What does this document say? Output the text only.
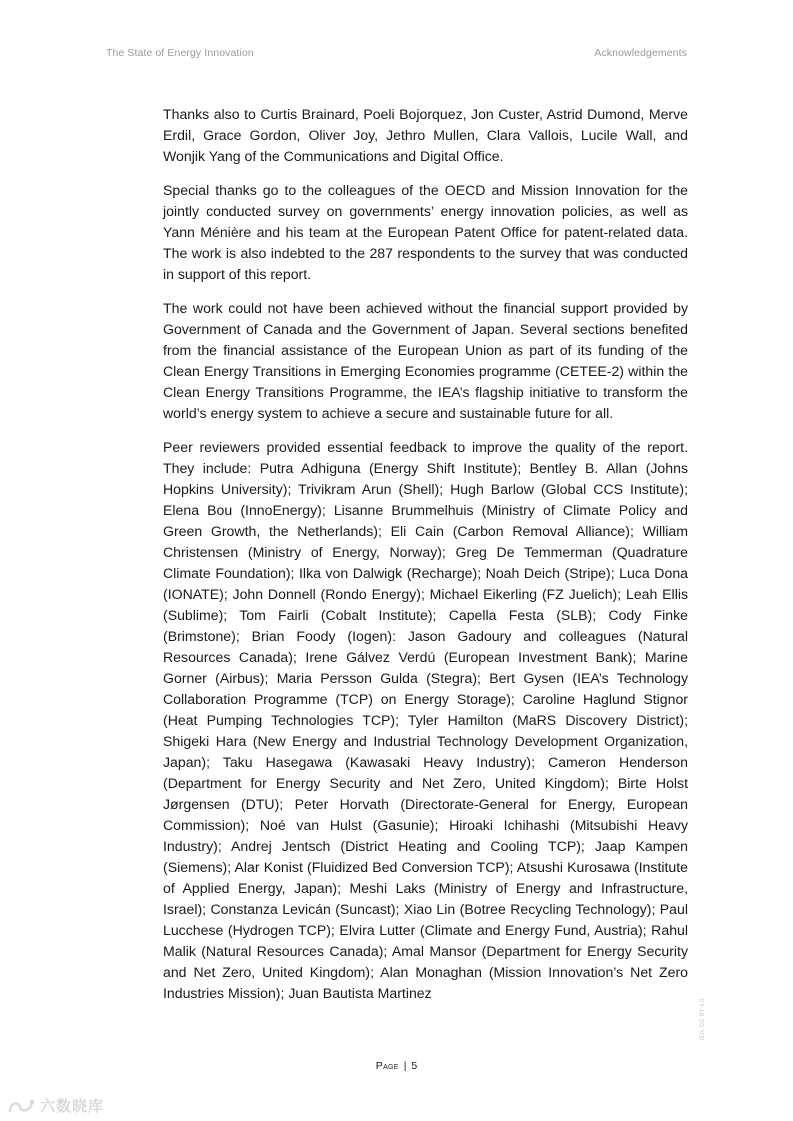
The State of Energy Innovation	Acknowledgements

Thanks also to Curtis Brainard, Poeli Bojorquez, Jon Custer, Astrid Dumond, Merve Erdil, Grace Gordon, Oliver Joy, Jethro Mullen, Clara Vallois, Lucile Wall, and Wonjik Yang of the Communications and Digital Office.

Special thanks go to the colleagues of the OECD and Mission Innovation for the jointly conducted survey on governments’ energy innovation policies, as well as Yann Ménière and his team at the European Patent Office for patent-related data. The work is also indebted to the 287 respondents to the survey that was conducted in support of this report.

The work could not have been achieved without the financial support provided by Government of Canada and the Government of Japan. Several sections benefited from the financial assistance of the European Union as part of its funding of the Clean Energy Transitions in Emerging Economies programme (CETEE-2) within the Clean Energy Transitions Programme, the IEA’s flagship initiative to transform the world’s energy system to achieve a secure and sustainable future for all.

Peer reviewers provided essential feedback to improve the quality of the report. They include: Putra Adhiguna (Energy Shift Institute); Bentley B. Allan (Johns Hopkins University); Trivikram Arun (Shell); Hugh Barlow (Global CCS Institute); Elena Bou (InnoEnergy); Lisanne Brummelhuis (Ministry of Climate Policy and Green Growth, the Netherlands); Eli Cain (Carbon Removal Alliance); William Christensen (Ministry of Energy, Norway); Greg De Temmerman (Quadrature Climate Foundation); Ilka von Dalwigk (Recharge); Noah Deich (Stripe); Luca Dona (IONATE); John Donnell (Rondo Energy); Michael Eikerling (FZ Juelich); Leah Ellis (Sublime); Tom Fairli (Cobalt Institute); Capella Festa (SLB); Cody Finke (Brimstone); Brian Foody (Iogen): Jason Gadoury and colleagues (Natural Resources Canada); Irene Gálvez Verdú (European Investment Bank); Marine Gorner (Airbus); Maria Persson Gulda (Stegra); Bert Gysen (IEA’s Technology Collaboration Programme (TCP) on Energy Storage); Caroline Haglund Stignor (Heat Pumping Technologies TCP); Tyler Hamilton (MaRS Discovery District); Shigeki Hara (New Energy and Industrial Technology Development Organization, Japan); Taku Hasegawa (Kawasaki Heavy Industry); Cameron Henderson (Department for Energy Security and Net Zero, United Kingdom); Birte Holst Jørgensen (DTU); Peter Horvath (Directorate-General for Energy, European Commission); Noé van Hulst (Gasunie); Hiroaki Ichihashi (Mitsubishi Heavy Industry); Andrej Jentsch (District Heating and Cooling TCP); Jaap Kampen (Siemens); Alar Konist (Fluidized Bed Conversion TCP); Atsushi Kurosawa (Institute of Applied Energy, Japan); Meshi Laks (Ministry of Energy and Infrastructure, Israel); Constanza Levicán (Suncast); Xiao Lin (Botree Recycling Technology); Paul Lucchese (Hydrogen TCP); Elvira Lutter (Climate and Energy Fund, Austria); Rahul Malik (Natural Resources Canada); Amal Mansor (Department for Energy Security and Net Zero, United Kingdom); Alan Monaghan (Mission Innovation’s Net Zero Industries Mission); Juan Bautista Martinez

Page | 5
IEA. CC BY 4.0.
六数晓库
